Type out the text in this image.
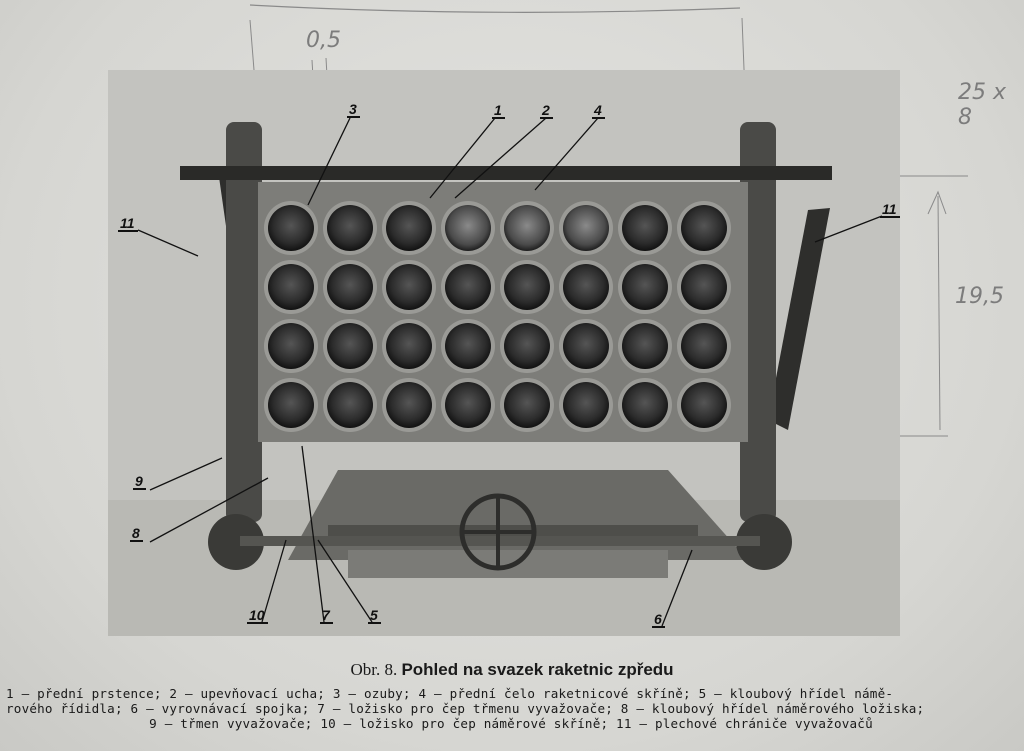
0,5
25 x 8
19,5
3	1	2	4
11
11
9
8
10	7	5	6
Obr. 8. Pohled na svazek raketnic zpředu

1 — přední prstence; 2 — upevňovací ucha; 3 — ozuby; 4 — přední čelo raketnicové skříně; 5 — kloubový hřídel námě-

rového řídidla; 6 — vyrovnávací spojka; 7 — ložisko pro čep třmenu vyvažovače; 8 — kloubový hřídel náměrového ložiska;

9 — třmen vyvažovače; 10 — ložisko pro čep náměrové skříně; 11 — plechové chrániče vyvažovačů
